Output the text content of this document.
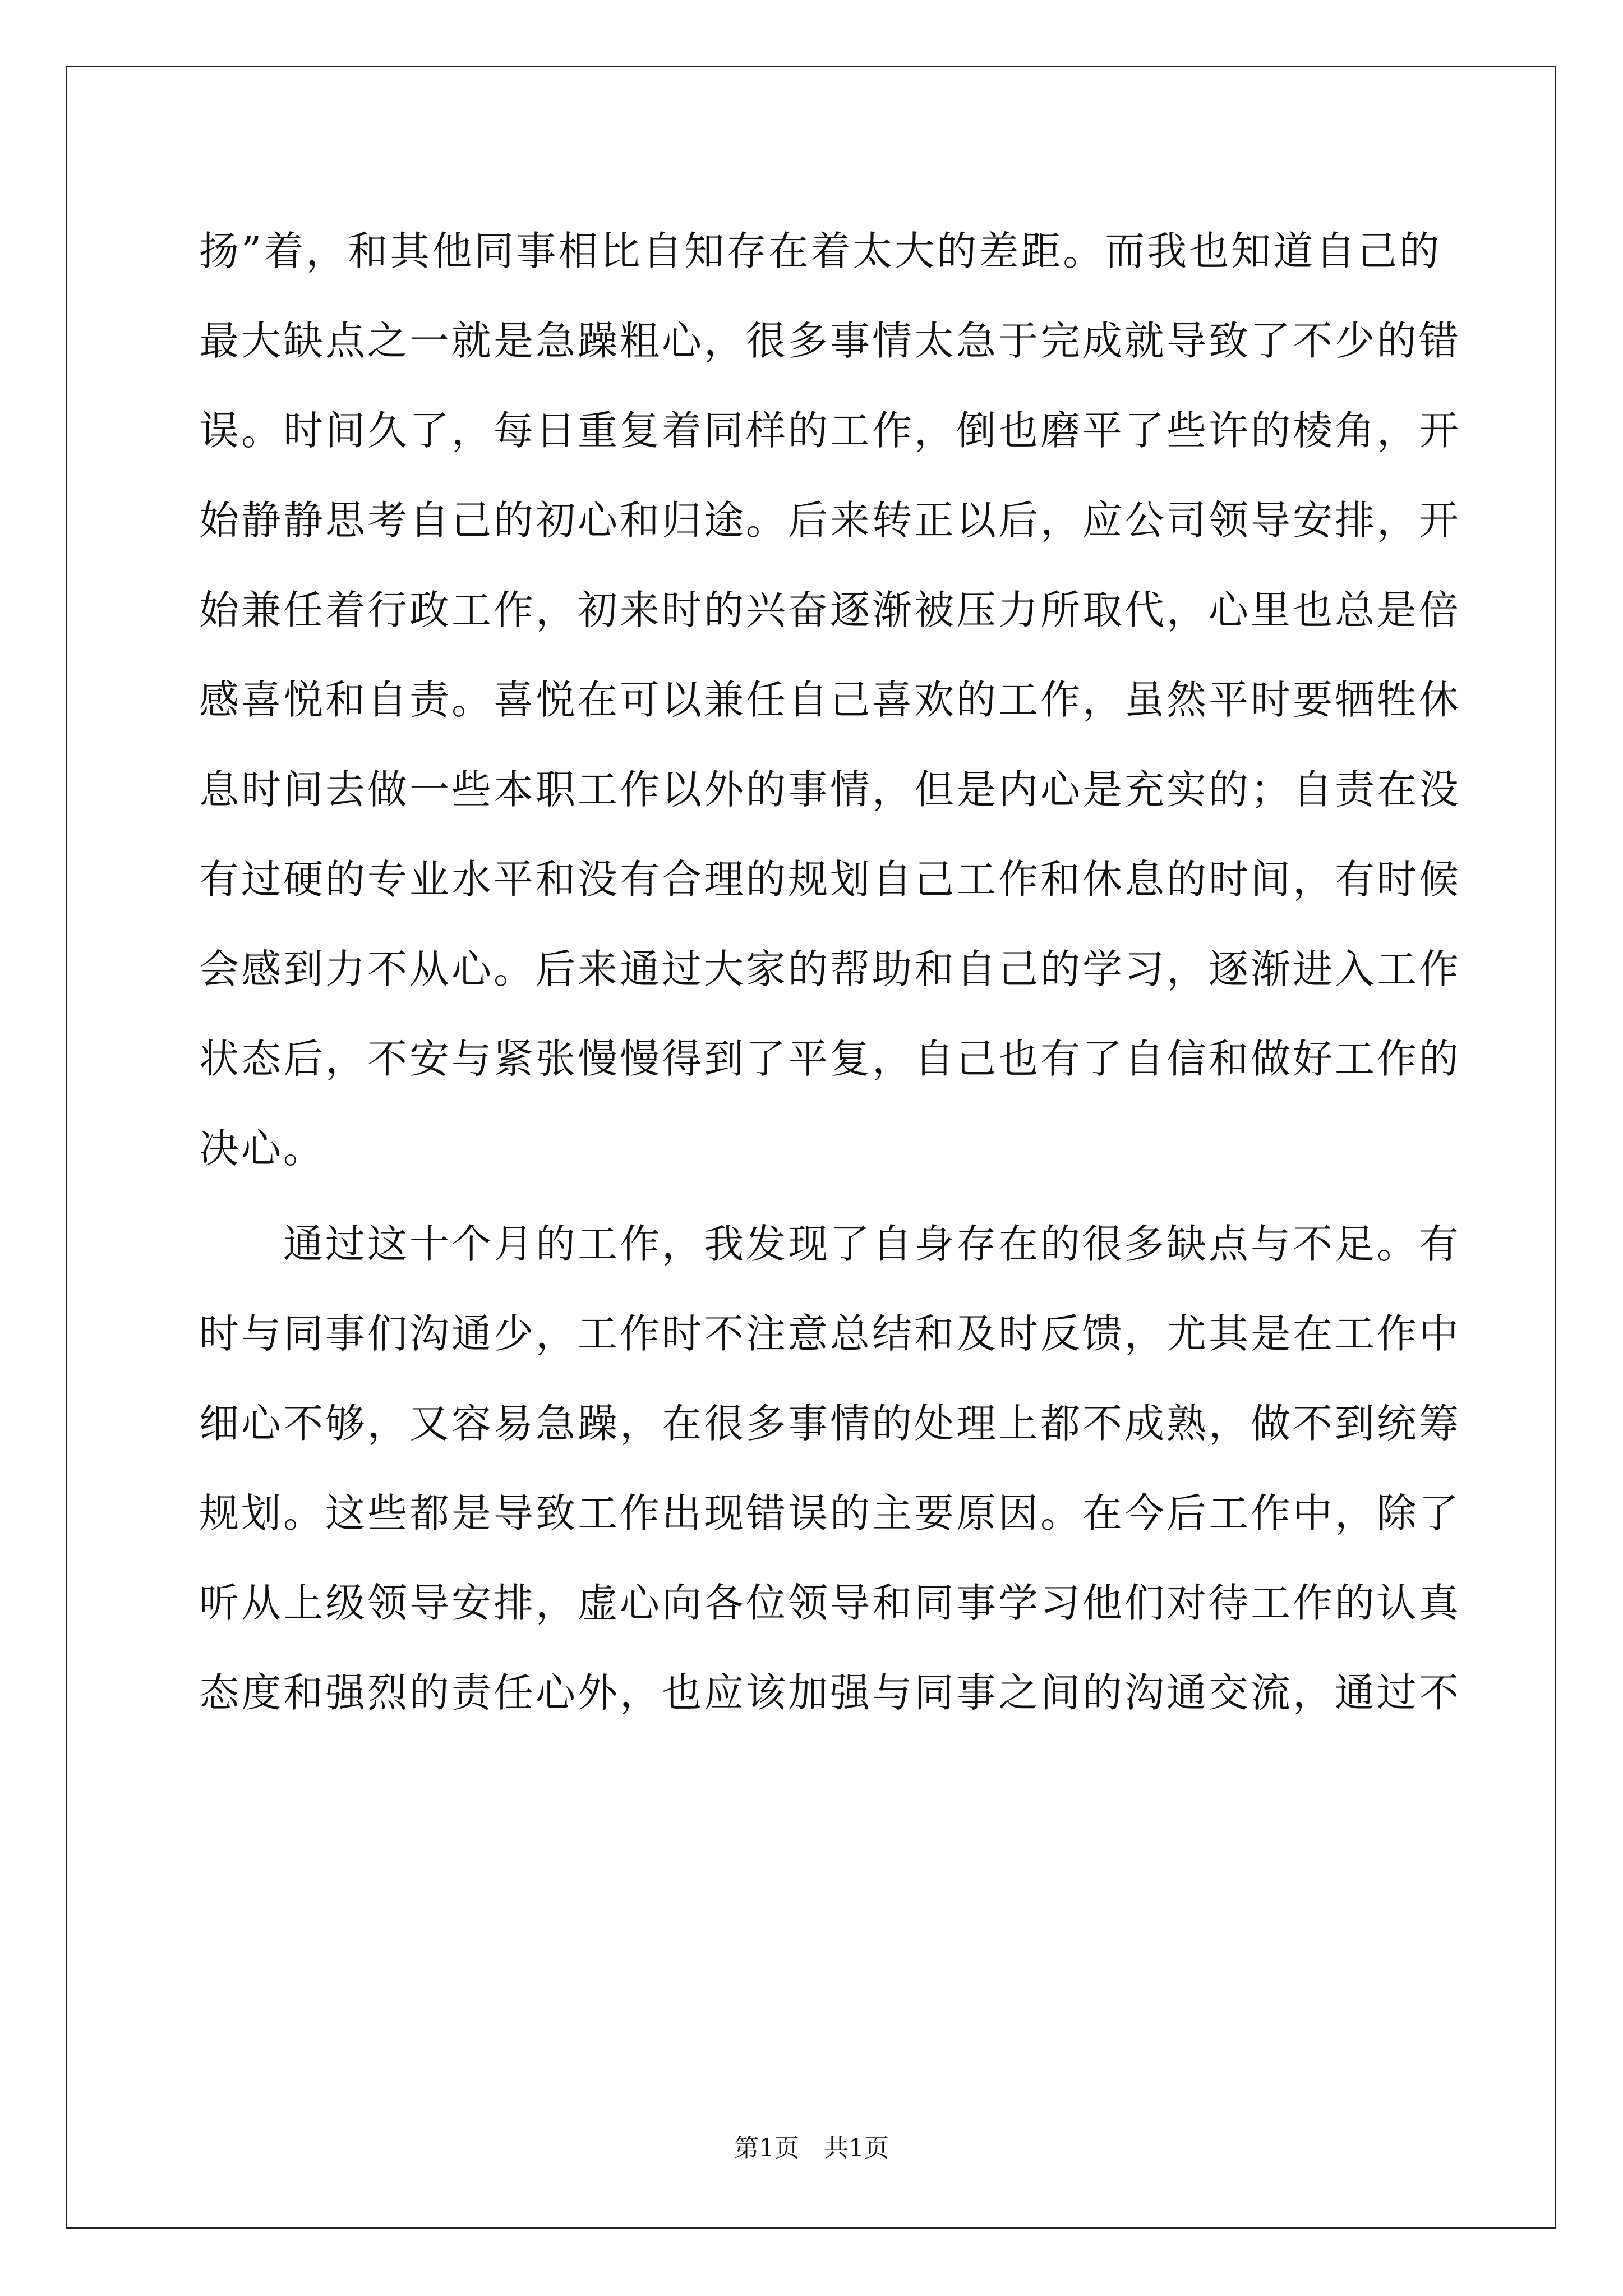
扬”着，和其他同事相比自知存在着太大的差距。而我也知道自己的
最大缺点之一就是急躁粗心，很多事情太急于完成就导致了不少的错
误。时间久了，每日重复着同样的工作，倒也磨平了些许的棱角，开
始静静思考自己的初心和归途。后来转正以后，应公司领导安排，开
始兼任着行政工作，初来时的兴奋逐渐被压力所取代，心里也总是倍
感喜悦和自责。喜悦在可以兼任自己喜欢的工作，虽然平时要牺牲休
息时间去做一些本职工作以外的事情，但是内心是充实的；自责在没
有过硬的专业水平和没有合理的规划自己工作和休息的时间，有时候
会感到力不从心。后来通过大家的帮助和自己的学习，逐渐进入工作
状态后，不安与紧张慢慢得到了平复，自己也有了自信和做好工作的
决心。
　　通过这十个月的工作，我发现了自身存在的很多缺点与不足。有
时与同事们沟通少，工作时不注意总结和及时反馈，尤其是在工作中
细心不够，又容易急躁，在很多事情的处理上都不成熟，做不到统筹
规划。这些都是导致工作出现错误的主要原因。在今后工作中，除了
听从上级领导安排，虚心向各位领导和同事学习他们对待工作的认真
态度和强烈的责任心外，也应该加强与同事之间的沟通交流，通过不
第1页　共1页
